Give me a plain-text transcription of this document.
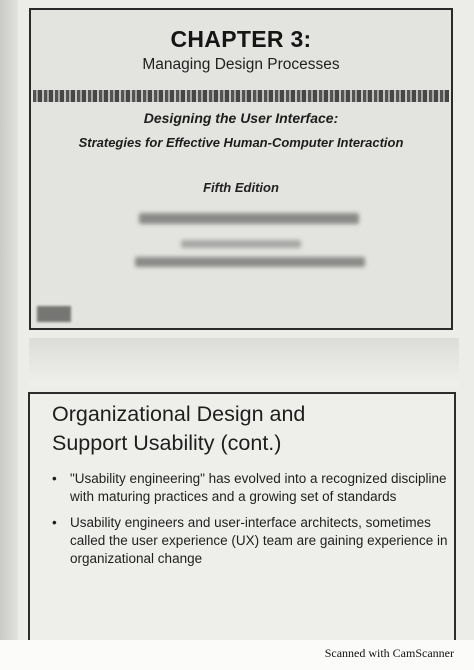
CHAPTER 3:
Managing Design Processes
Designing the User Interface:
Strategies for Effective Human-Computer Interaction
Fifth Edition
Organizational Design and
Support Usability (cont.)
• "Usability engineering" has evolved into a recognized discipline with maturing practices and a growing set of standards
• Usability engineers and user-interface architects, sometimes called the user experience (UX) team are gaining experience in organizational change
Scanned with CamScanner
